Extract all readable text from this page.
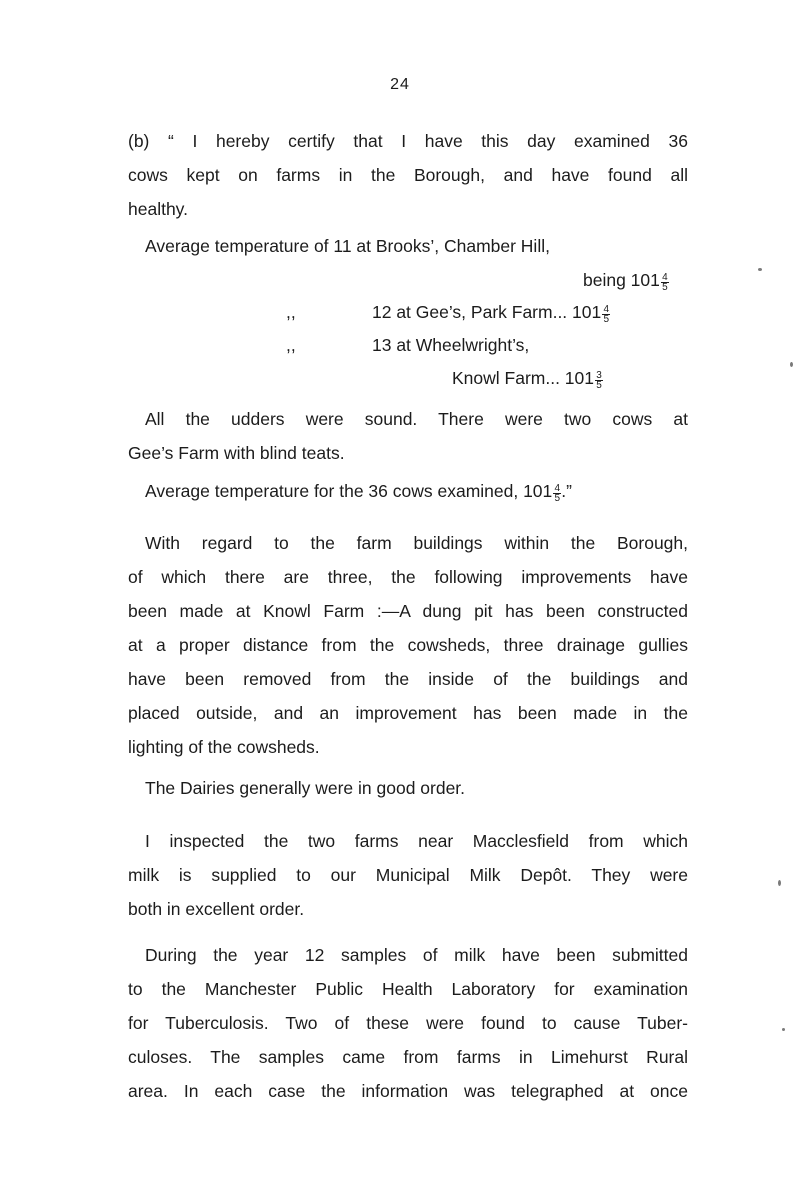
24
(b) “ I hereby certify that I have this day examined 36
cows kept on farms in the Borough, and have found all
healthy.
Average temperature of 11 at Brooks’, Chamber Hill,
being $101 \frac{4}{5}$
,,	12 at Gee’s, Park Farm... $101 \frac{4}{5}$
,,	13 at Wheelwright’s,
Knowl Farm... $101 \frac{3}{5}$
All the udders were sound. There were two cows at
Gee’s Farm with blind teats.
Average temperature for the 36 cows examined, $101 \frac{4}{5}$ .”
With regard to the farm buildings within the Borough,
of which there are three, the following improvements have
been made at Knowl Farm :—A dung pit has been constructed
at a proper distance from the cowsheds, three drainage gullies
have been removed from the inside of the buildings and
placed outside, and an improvement has been made in the
lighting of the cowsheds.
The Dairies generally were in good order.
I inspected the two farms near Macclesfield from which
milk is supplied to our Municipal Milk Depôt. They were
both in excellent order.
During the year 12 samples of milk have been submitted
to the Manchester Public Health Laboratory for examination
for Tuberculosis. Two of these were found to cause Tuber-
culoses. The samples came from farms in Limehurst Rural
area. In each case the information was telegraphed at once
